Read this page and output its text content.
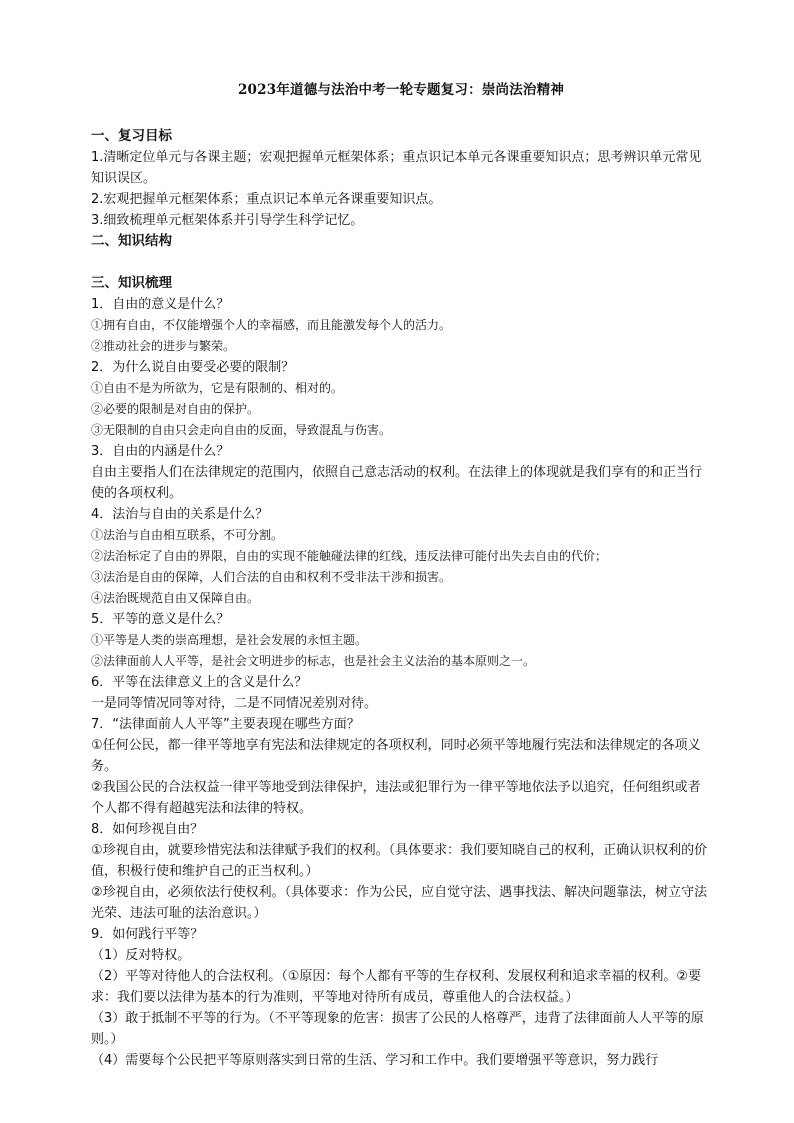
2023年道德与法治中考一轮专题复习：崇尚法治精神

一、复习目标

1.清晰定位单元与各课主题；宏观把握单元框架体系；重点识记本单元各课重要知识点；思考辨识单元常见知识误区。

2.宏观把握单元框架体系；重点识记本单元各课重要知识点。

3.细致梳理单元框架体系并引导学生科学记忆。

二、知识结构

三、知识梳理

1．自由的意义是什么？

①拥有自由，不仅能增强个人的幸福感，而且能激发每个人的活力。

②推动社会的进步与繁荣。

2．为什么说自由要受必要的限制？

①自由不是为所欲为，它是有限制的、相对的。

②必要的限制是对自由的保护。

③无限制的自由只会走向自由的反面，导致混乱与伤害。

3．自由的内涵是什么？

自由主要指人们在法律规定的范围内，依照自己意志活动的权利。在法律上的体现就是我们享有的和正当行使的各项权利。

4．法治与自由的关系是什么？

①法治与自由相互联系，不可分割。

②法治标定了自由的界限，自由的实现不能触碰法律的红线，违反法律可能付出失去自由的代价；

③法治是自由的保障，人们合法的自由和权利不受非法干涉和损害。

④法治既规范自由又保障自由。

5．平等的意义是什么？

①平等是人类的崇高理想，是社会发展的永恒主题。

②法律面前人人平等，是社会文明进步的标志，也是社会主义法治的基本原则之一。

6．平等在法律意义上的含义是什么？

一是同等情况同等对待，二是不同情况差别对待。

7．“法律面前人人平等”主要表现在哪些方面？

①任何公民，都一律平等地享有宪法和法律规定的各项权利，同时必须平等地履行宪法和法律规定的各项义务。

②我国公民的合法权益一律平等地受到法律保护，违法或犯罪行为一律平等地依法予以追究，任何组织或者个人都不得有超越宪法和法律的特权。

8．如何珍视自由？

①珍视自由，就要珍惜宪法和法律赋予我们的权利。（具体要求：我们要知晓自己的权利，正确认识权利的价值，积极行使和维护自己的正当权利。）

②珍视自由，必须依法行使权利。（具体要求：作为公民，应自觉守法、遇事找法、解决问题靠法，树立守法光荣、违法可耻的法治意识。）

9．如何践行平等？

（1）反对特权。

（2）平等对待他人的合法权利。（①原因：每个人都有平等的生存权利、发展权利和追求幸福的权利。②要求：我们要以法律为基本的行为准则，平等地对待所有成员，尊重他人的合法权益。）

（3）敢于抵制不平等的行为。（不平等现象的危害：损害了公民的人格尊严，违背了法律面前人人平等的原则。）

（4）需要每个公民把平等原则落实到日常的生活、学习和工作中。我们要增强平等意识，努力践行
